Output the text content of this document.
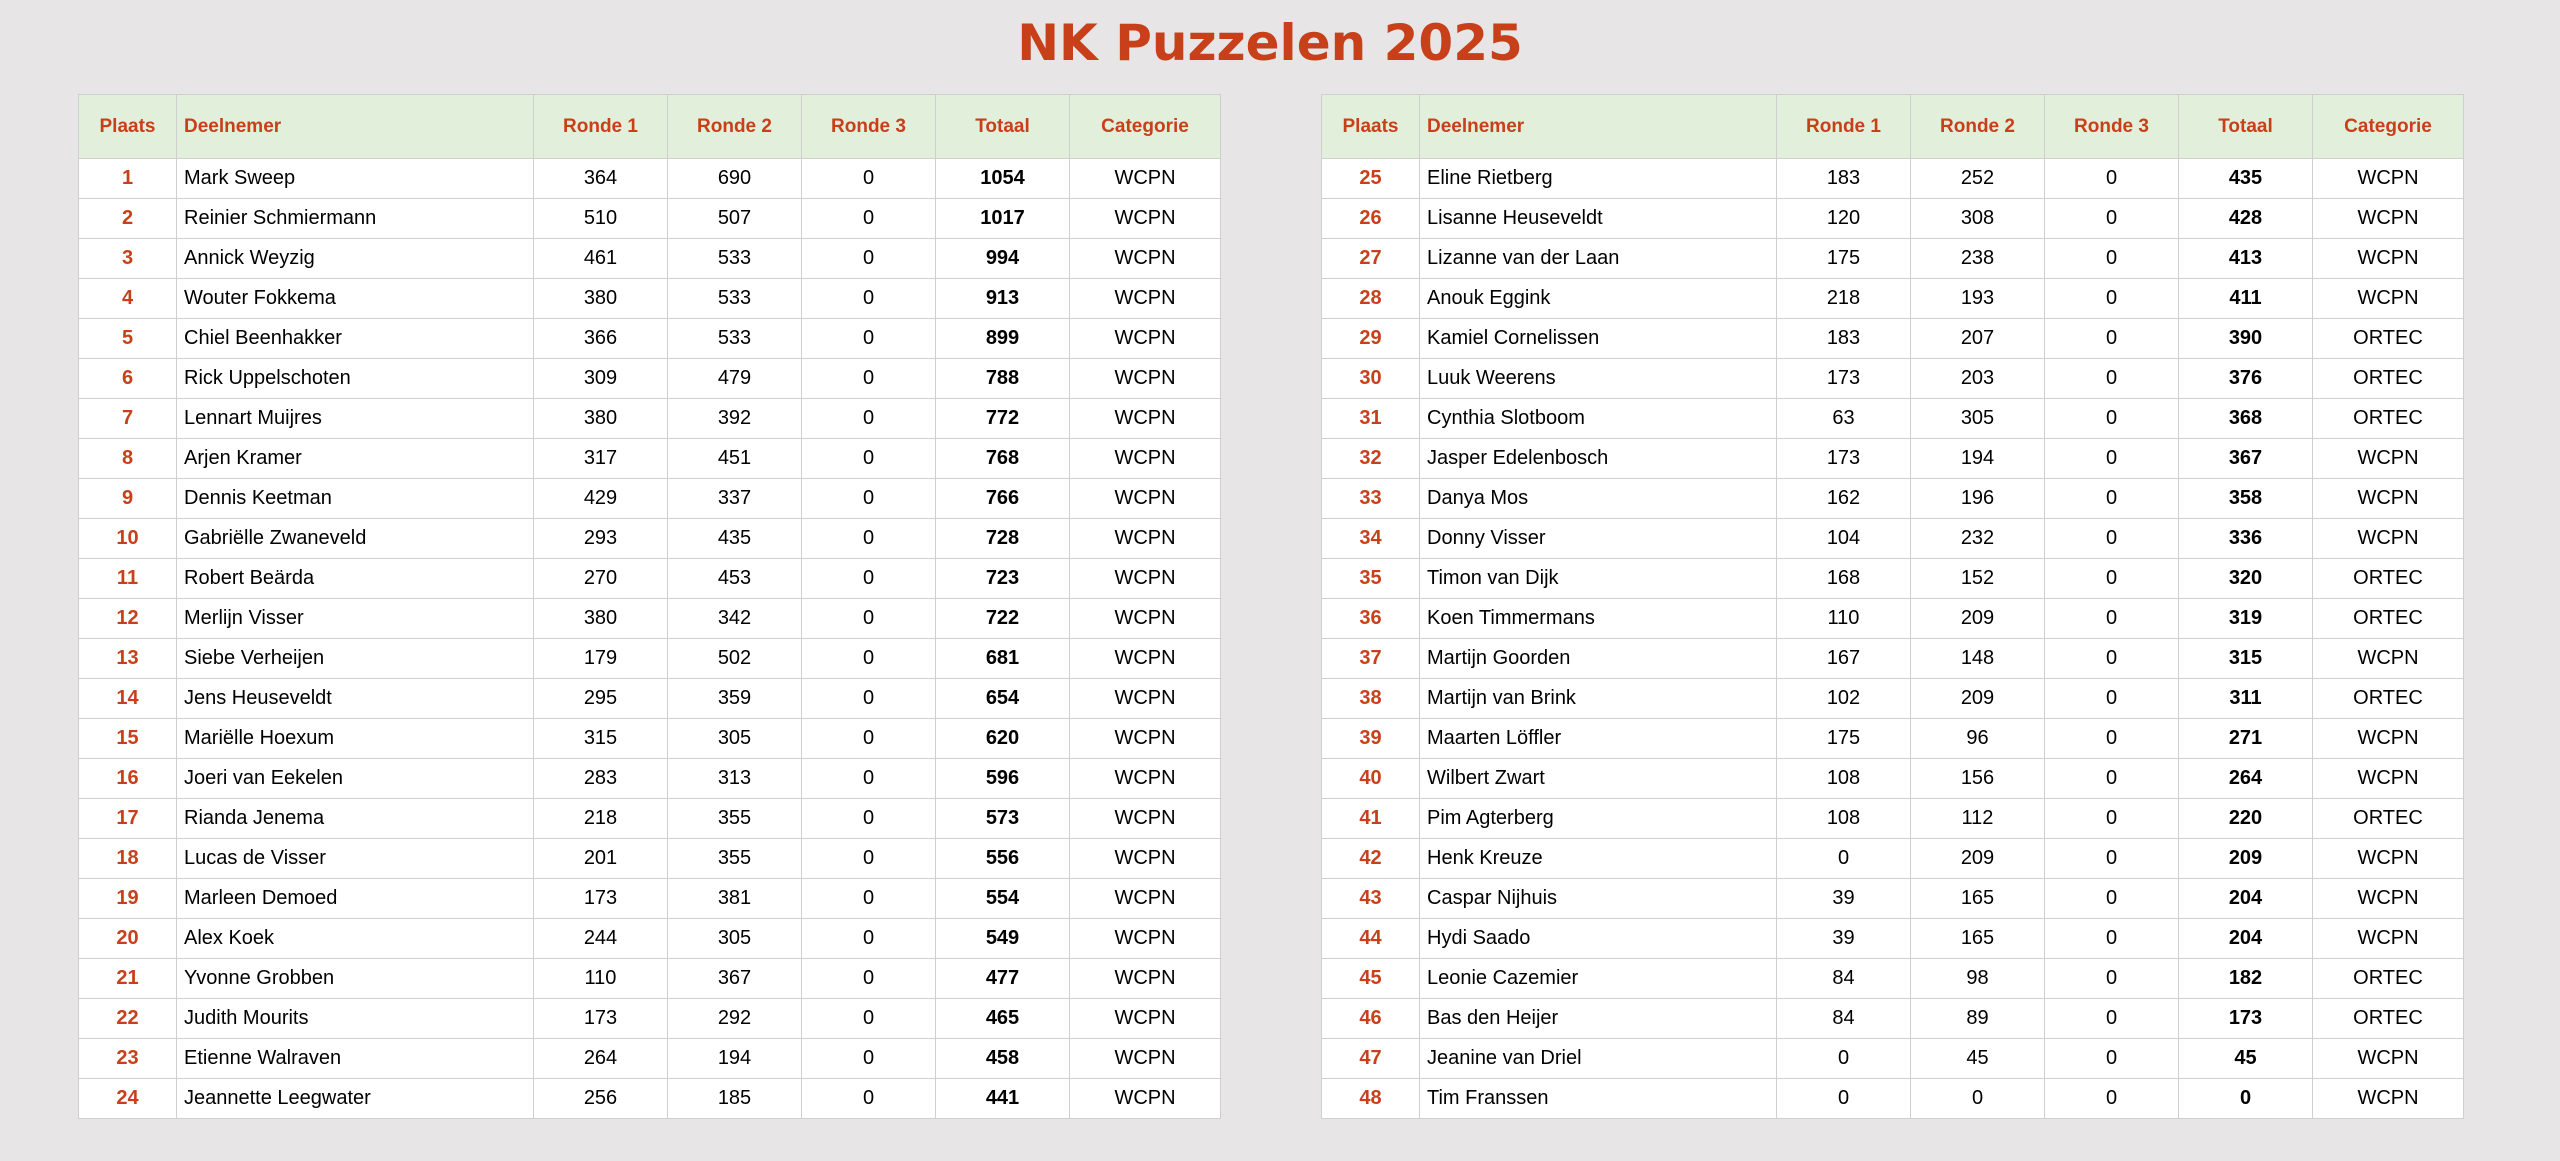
NK Puzzelen 2025
Plaats	Deelnemer	Ronde 1	Ronde 2	Ronde 3	Totaal	Categorie
1	Mark Sweep	364	690	0	1054	WCPN
2	Reinier Schmiermann	510	507	0	1017	WCPN
3	Annick Weyzig	461	533	0	994	WCPN
4	Wouter Fokkema	380	533	0	913	WCPN
5	Chiel Beenhakker	366	533	0	899	WCPN
6	Rick Uppelschoten	309	479	0	788	WCPN
7	Lennart Muijres	380	392	0	772	WCPN
8	Arjen Kramer	317	451	0	768	WCPN
9	Dennis Keetman	429	337	0	766	WCPN
10	Gabriëlle Zwaneveld	293	435	0	728	WCPN
11	Robert Beärda	270	453	0	723	WCPN
12	Merlijn Visser	380	342	0	722	WCPN
13	Siebe Verheijen	179	502	0	681	WCPN
14	Jens Heuseveldt	295	359	0	654	WCPN
15	Mariëlle Hoexum	315	305	0	620	WCPN
16	Joeri van Eekelen	283	313	0	596	WCPN
17	Rianda Jenema	218	355	0	573	WCPN
18	Lucas de Visser	201	355	0	556	WCPN
19	Marleen Demoed	173	381	0	554	WCPN
20	Alex Koek	244	305	0	549	WCPN
21	Yvonne Grobben	110	367	0	477	WCPN
22	Judith Mourits	173	292	0	465	WCPN
23	Etienne Walraven	264	194	0	458	WCPN
24	Jeannette Leegwater	256	185	0	441	WCPN
Plaats	Deelnemer	Ronde 1	Ronde 2	Ronde 3	Totaal	Categorie
25	Eline Rietberg	183	252	0	435	WCPN
26	Lisanne Heuseveldt	120	308	0	428	WCPN
27	Lizanne van der Laan	175	238	0	413	WCPN
28	Anouk Eggink	218	193	0	411	WCPN
29	Kamiel Cornelissen	183	207	0	390	ORTEC
30	Luuk Weerens	173	203	0	376	ORTEC
31	Cynthia Slotboom	63	305	0	368	ORTEC
32	Jasper Edelenbosch	173	194	0	367	WCPN
33	Danya Mos	162	196	0	358	WCPN
34	Donny Visser	104	232	0	336	WCPN
35	Timon van Dijk	168	152	0	320	ORTEC
36	Koen Timmermans	110	209	0	319	ORTEC
37	Martijn Goorden	167	148	0	315	WCPN
38	Martijn van Brink	102	209	0	311	ORTEC
39	Maarten Löffler	175	96	0	271	WCPN
40	Wilbert Zwart	108	156	0	264	WCPN
41	Pim Agterberg	108	112	0	220	ORTEC
42	Henk Kreuze	0	209	0	209	WCPN
43	Caspar Nijhuis	39	165	0	204	WCPN
44	Hydi Saado	39	165	0	204	WCPN
45	Leonie Cazemier	84	98	0	182	ORTEC
46	Bas den Heijer	84	89	0	173	ORTEC
47	Jeanine van Driel	0	45	0	45	WCPN
48	Tim Franssen	0	0	0	0	WCPN
